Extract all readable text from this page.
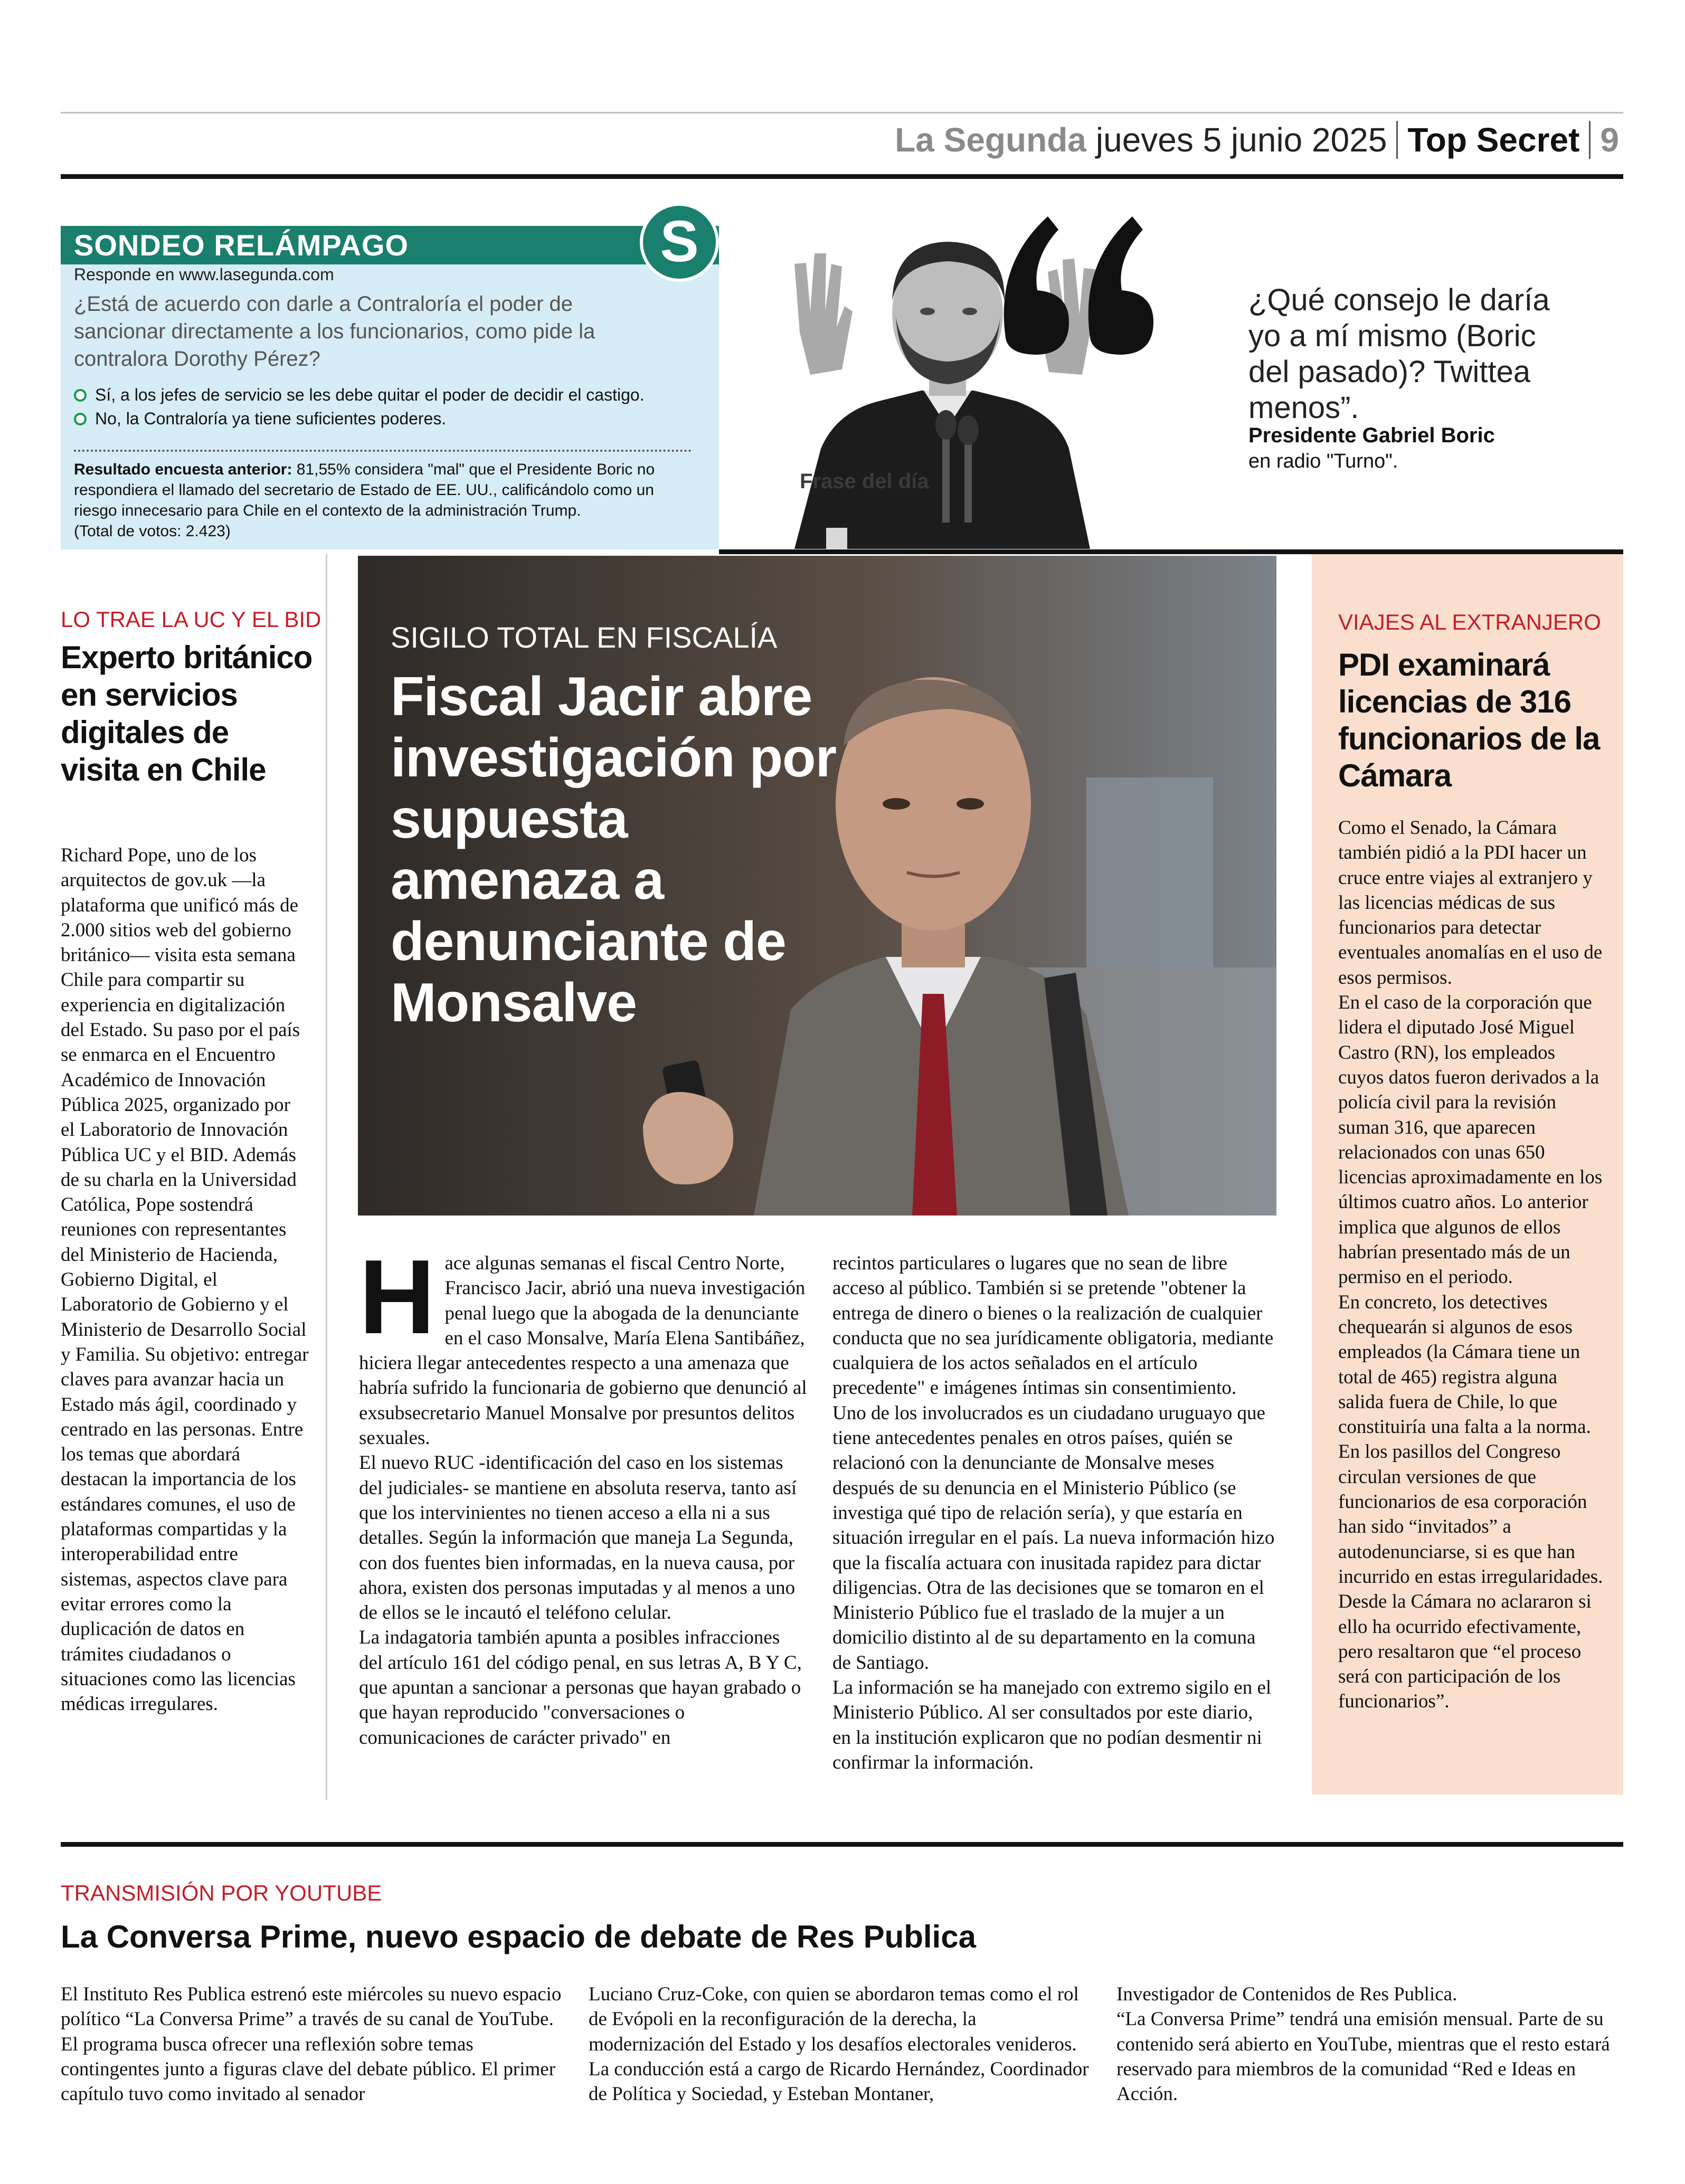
La Segunda jueves 5 junio 2025 Top Secret 9
SONDEO RELÁMPAGO	S
Responde en www.lasegunda.com
¿Está de acuerdo con darle a Contraloría el poder de sancionar directamente a los funcionarios, como pide la contralora Dorothy Pérez?
Sí, a los jefes de servicio se les debe quitar el poder de decidir el castigo.
No, la Contraloría ya tiene suficientes poderes.
Resultado encuesta anterior: 81,55% considera "mal" que el Presidente Boric no respondiera el llamado del secretario de Estado de EE. UU., calificándolo como un riesgo innecesario para Chile en el contexto de la administración Trump.
(Total de votos: 2.423)
Frase del día
¿Qué consejo le daría yo a mí mismo (Boric del pasado)? Twittea menos”.
Presidente Gabriel Boric
en radio "Turno".
LO TRAE LA UC Y EL BID
Experto británico en servicios digitales de visita en Chile
Richard Pope, uno de los arquitectos de gov.uk —la plataforma que unificó más de 2.000 sitios web del gobierno británico— visita esta semana Chile para compartir su experiencia en digitalización del Estado. Su paso por el país se enmarca en el Encuentro Académico de Innovación Pública 2025, organizado por el Laboratorio de Innovación Pública UC y el BID. Además de su charla en la Universidad Católica, Pope sostendrá reuniones con representantes del Ministerio de Hacienda, Gobierno Digital, el Laboratorio de Gobierno y el Ministerio de Desarrollo Social y Familia. Su objetivo: entregar claves para avanzar hacia un Estado más ágil, coordinado y centrado en las personas. Entre los temas que abordará destacan la importancia de los estándares comunes, el uso de plataformas compartidas y la interoperabilidad entre sistemas, aspectos clave para evitar errores como la duplicación de datos en trámites ciudadanos o situaciones como las licencias médicas irregulares.
SIGILO TOTAL EN FISCALÍA
Fiscal Jacir abre investigación por supuesta amenaza a denunciante de Monsalve
H ace algunas semanas el fiscal Centro Norte, Francisco Jacir, abrió una nueva investigación penal luego que la abogada de la denunciante en el caso Monsalve, María Elena Santibáñez, hiciera llegar antecedentes respecto a una amenaza que habría sufrido la funcionaria de gobierno que denunció al exsubsecretario Manuel Monsalve por presuntos delitos sexuales.

El nuevo RUC -identificación del caso en los sistemas del judiciales- se mantiene en absoluta reserva, tanto así que los intervinientes no tienen acceso a ella ni a sus detalles. Según la información que maneja La Segunda, con dos fuentes bien informadas, en la nueva causa, por ahora, existen dos personas imputadas y al menos a uno de ellos se le incautó el teléfono celular.

La indagatoria también apunta a posibles infracciones del artículo 161 del código penal, en sus letras A, B Y C, que apuntan a sancionar a personas que hayan grabado o que hayan reproducido "conversaciones o comunicaciones de carácter privado" en

recintos particulares o lugares que no sean de libre acceso al público. También si se pretende "obtener la entrega de dinero o bienes o la realización de cualquier conducta que no sea jurídicamente obligatoria, mediante cualquiera de los actos señalados en el artículo precedente" e imágenes íntimas sin consentimiento.

Uno de los involucrados es un ciudadano uruguayo que tiene antecedentes penales en otros países, quién se relacionó con la denunciante de Monsalve meses después de su denuncia en el Ministerio Público (se investiga qué tipo de relación sería), y que estaría en situación irregular en el país. La nueva información hizo que la fiscalía actuara con inusitada rapidez para dictar diligencias. Otra de las decisiones que se tomaron en el Ministerio Público fue el traslado de la mujer a un domicilio distinto al de su departamento en la comuna de Santiago.

La información se ha manejado con extremo sigilo en el Ministerio Público. Al ser consultados por este diario, en la institución explicaron que no podían desmentir ni confirmar la información.

VIAJES AL EXTRANJERO
PDI examinará licencias de 316 funcionarios de la Cámara

Como el Senado, la Cámara también pidió a la PDI hacer un cruce entre viajes al extranjero y las licencias médicas de sus funcionarios para detectar eventuales anomalías en el uso de esos permisos.

En el caso de la corporación que lidera el diputado José Miguel Castro (RN), los empleados cuyos datos fueron derivados a la policía civil para la revisión suman 316, que aparecen relacionados con unas 650 licencias aproximadamente en los últimos cuatro años. Lo anterior implica que algunos de ellos habrían presentado más de un permiso en el periodo.

En concreto, los detectives chequearán si algunos de esos empleados (la Cámara tiene un total de 465) registra alguna salida fuera de Chile, lo que constituiría una falta a la norma. En los pasillos del Congreso circulan versiones de que funcionarios de esa corporación han sido “invitados” a autodenunciarse, si es que han incurrido en estas irregularidades.

Desde la Cámara no aclararon si ello ha ocurrido efectivamente, pero resaltaron que “el proceso será con participación de los funcionarios”.

TRANSMISIÓN POR YOUTUBE
La Conversa Prime, nuevo espacio de debate de Res Publica
El Instituto Res Publica estrenó este miércoles su nuevo espacio político “La Conversa Prime” a través de su canal de YouTube. El programa busca ofrecer una reflexión sobre temas contingentes junto a figuras clave del debate público. El primer capítulo tuvo como invitado al senador
Luciano Cruz-Coke, con quien se abordaron temas como el rol de Evópoli en la reconfiguración de la derecha, la modernización del Estado y los desafíos electorales venideros. La conducción está a cargo de Ricardo Hernández, Coordinador de Política y Sociedad, y Esteban Montaner,

Investigador de Contenidos de Res Publica.

“La Conversa Prime” tendrá una emisión mensual. Parte de su contenido será abierto en YouTube, mientras que el resto estará reservado para miembros de la comunidad “Red e Ideas en Acción.
